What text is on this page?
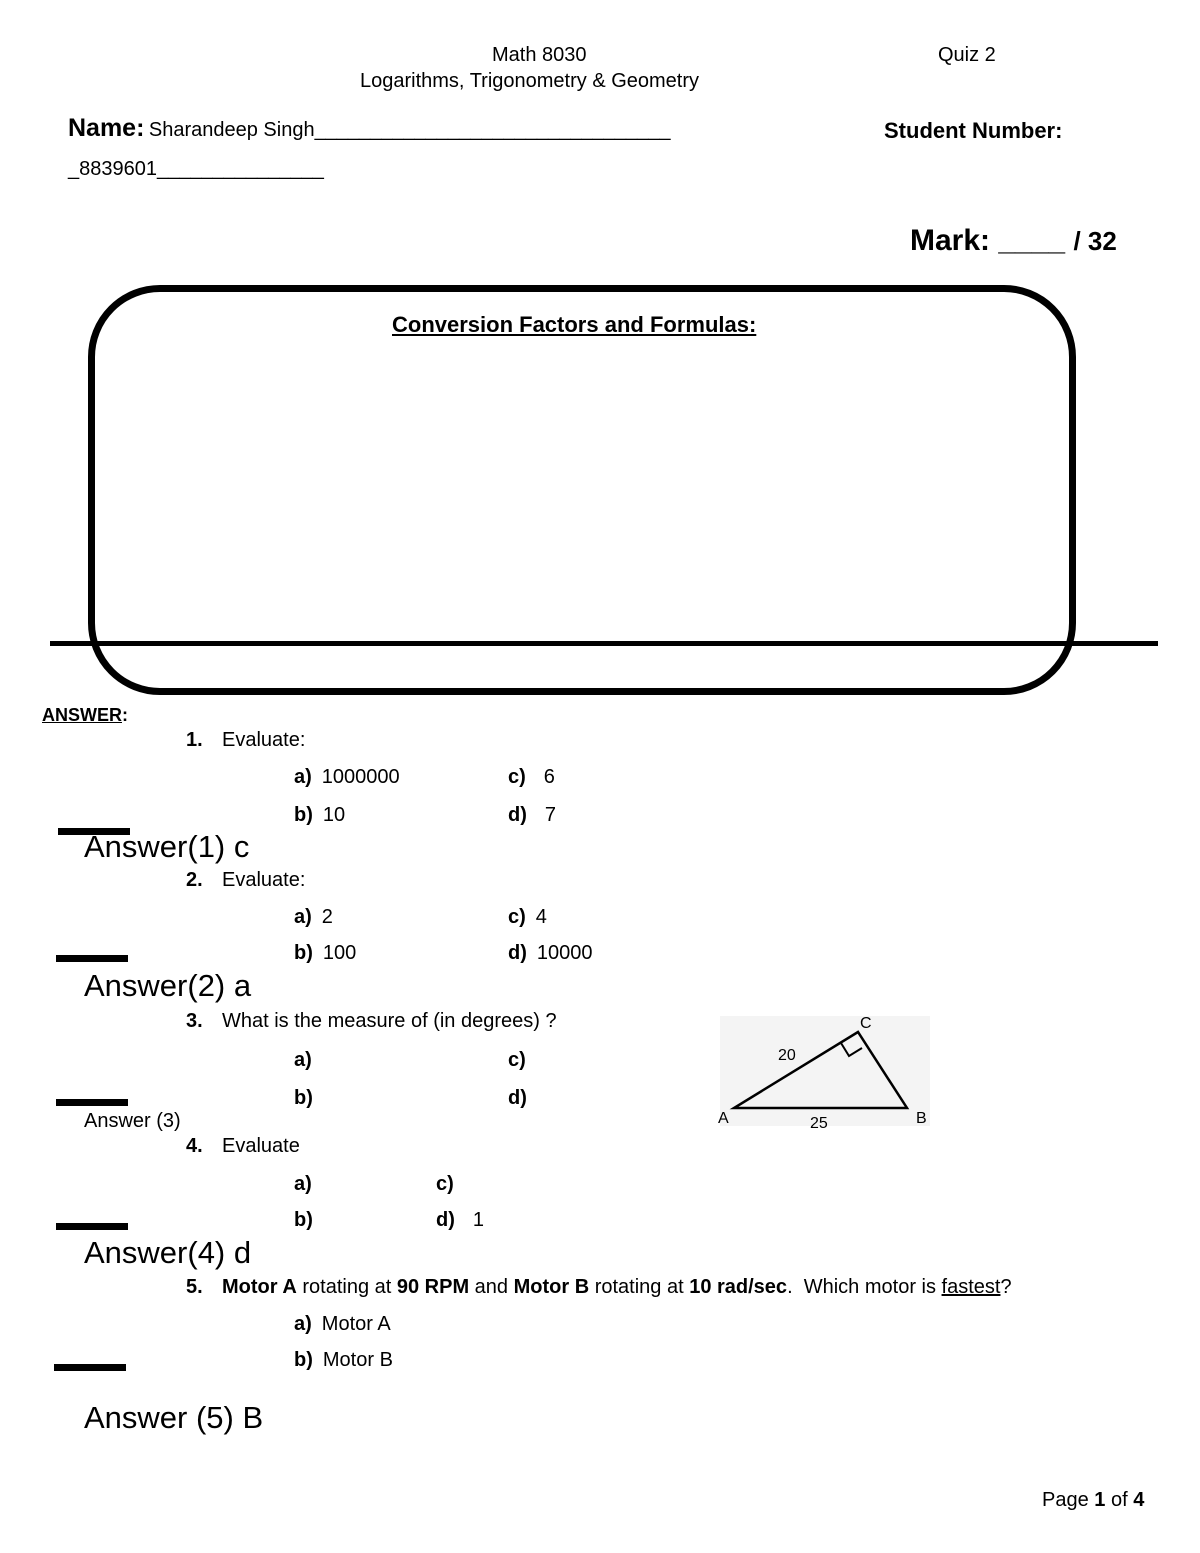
Math 8030	Quiz 2
Logarithms, Trigonometry & Geometry
Name: Sharandeep Singh________________________________	Student Number:
_8839601_______________
Mark: ____ / 32
Conversion Factors and Formulas:
ANSWER:
1. Evaluate:
a) 1000000	c) 6
b) 10	d) 7
Answer(1) c
2. Evaluate:
a) 2	c) 4
b) 100	d) 10000
Answer(2) a
3. What is the measure of (in degrees) ?
a)	c)
b)	d)
Answer (3)	A	B
C
20
25
4. Evaluate
a)	c)
b)	d) 1
Answer(4) d
5. Motor A rotating at 90 RPM and Motor B rotating at 10 rad/sec.  Which motor is fastest?
a) Motor A
b) Motor B
Answer (5) B
Page 1 of 4
